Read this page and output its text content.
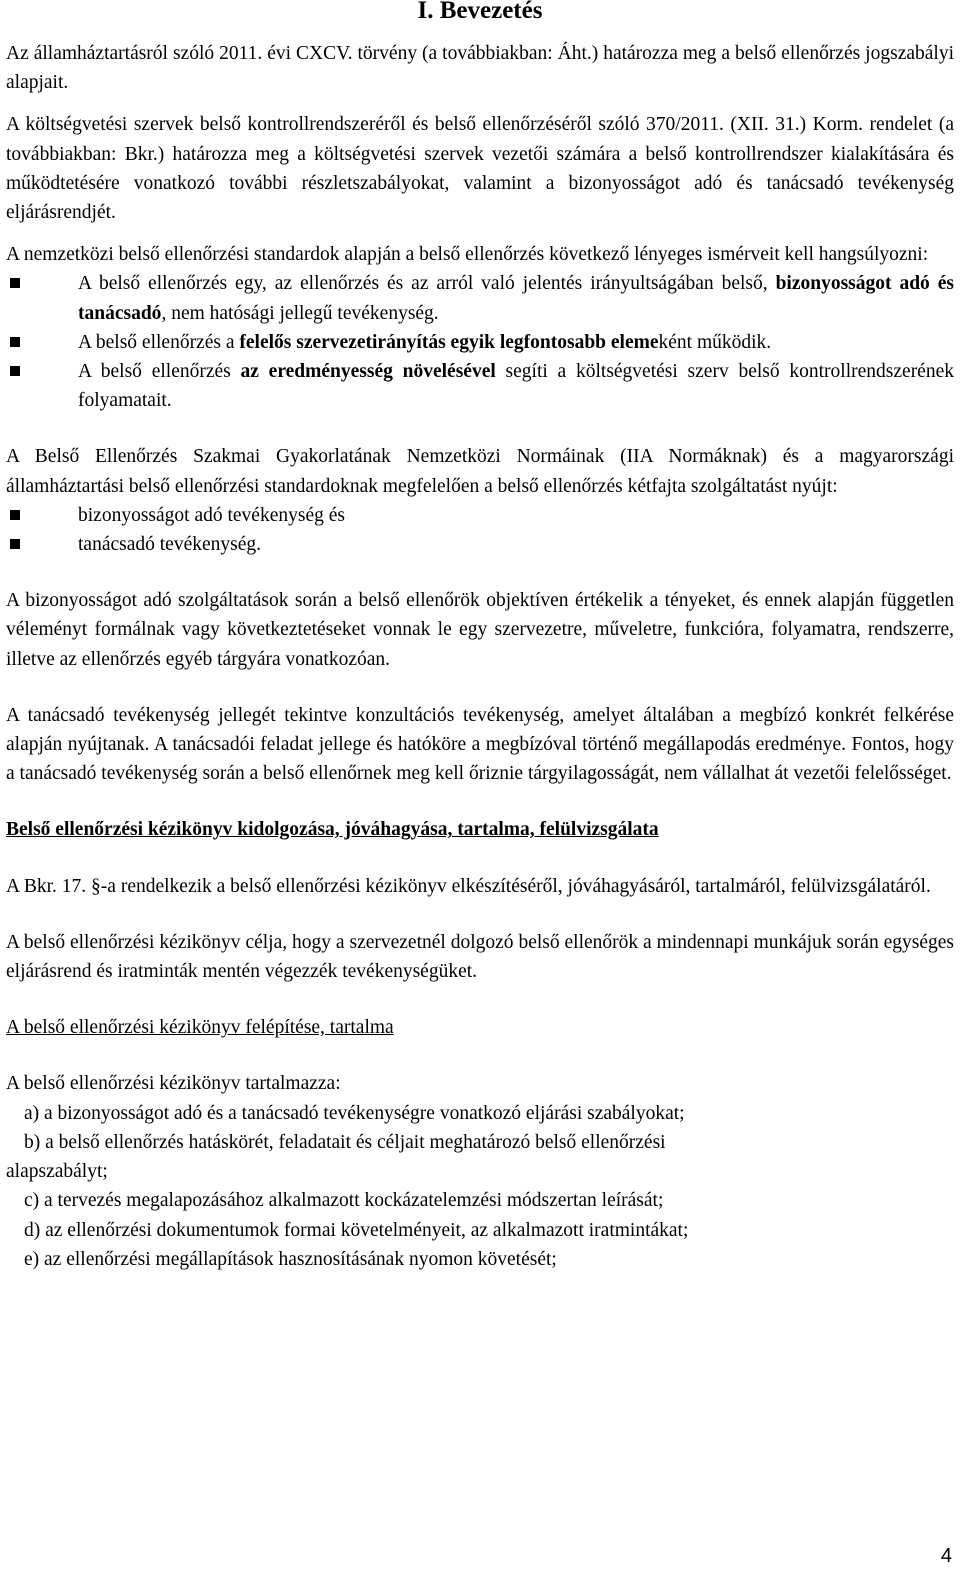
I. Bevezetés

Az államháztartásról szóló 2011. évi CXCV. törvény (a továbbiakban: Áht.) határozza meg a belső ellenőrzés jogszabályi alapjait.

A költségvetési szervek belső kontrollrendszeréről és belső ellenőrzéséről szóló 370/2011. (XII. 31.) Korm. rendelet (a továbbiakban: Bkr.) határozza meg a költségvetési szervek vezetői számára a belső kontrollrendszer kialakítására és működtetésére vonatkozó további részletszabályokat, valamint a bizonyosságot adó és tanácsadó tevékenység eljárásrendjét.

A nemzetközi belső ellenőrzési standardok alapján a belső ellenőrzés következő lényeges ismérveit kell hangsúlyozni:

A belső ellenőrzés egy, az ellenőrzés és az arról való jelentés irányultságában belső, bizonyosságot adó és tanácsadó, nem hatósági jellegű tevékenység.
A belső ellenőrzés a felelős szervezetirányítás egyik legfontosabb elemeként működik.
A belső ellenőrzés az eredményesség növelésével segíti a költségvetési szerv belső kontrollrendszerének folyamatait.

A Belső Ellenőrzés Szakmai Gyakorlatának Nemzetközi Normáinak (IIA Normáknak) és a magyarországi államháztartási belső ellenőrzési standardoknak megfelelően a belső ellenőrzés kétfajta szolgáltatást nyújt:

bizonyosságot adó tevékenység és
tanácsadó tevékenység.

A bizonyosságot adó szolgáltatások során a belső ellenőrök objektíven értékelik a tényeket, és ennek alapján független véleményt formálnak vagy következtetéseket vonnak le egy szervezetre, műveletre, funkcióra, folyamatra, rendszerre, illetve az ellenőrzés egyéb tárgyára vonatkozóan.

A tanácsadó tevékenység jellegét tekintve konzultációs tevékenység, amelyet általában a megbízó konkrét felkérése alapján nyújtanak. A tanácsadói feladat jellege és hatóköre a megbízóval történő megállapodás eredménye. Fontos, hogy a tanácsadó tevékenység során a belső ellenőrnek meg kell őriznie tárgyilagosságát, nem vállalhat át vezetői felelősséget.

Belső ellenőrzési kézikönyv kidolgozása, jóváhagyása, tartalma, felülvizsgálata

A Bkr. 17. §-a rendelkezik a belső ellenőrzési kézikönyv elkészítéséről, jóváhagyásáról, tartalmáról, felülvizsgálatáról.

A belső ellenőrzési kézikönyv célja, hogy a szervezetnél dolgozó belső ellenőrök a mindennapi munkájuk során egységes eljárásrend és iratminták mentén végezzék tevékenységüket.

A belső ellenőrzési kézikönyv felépítése, tartalma

A belső ellenőrzési kézikönyv tartalmazza:

a) a bizonyosságot adó és a tanácsadó tevékenységre vonatkozó eljárási szabályokat;

b) a belső ellenőrzés hatáskörét, feladatait és céljait meghatározó belső ellenőrzési

alapszabályt;

c) a tervezés megalapozásához alkalmazott kockázatelemzési módszertan leírását;

d) az ellenőrzési dokumentumok formai követelményeit, az alkalmazott iratmintákat;

e) az ellenőrzési megállapítások hasznosításának nyomon követését;

4
